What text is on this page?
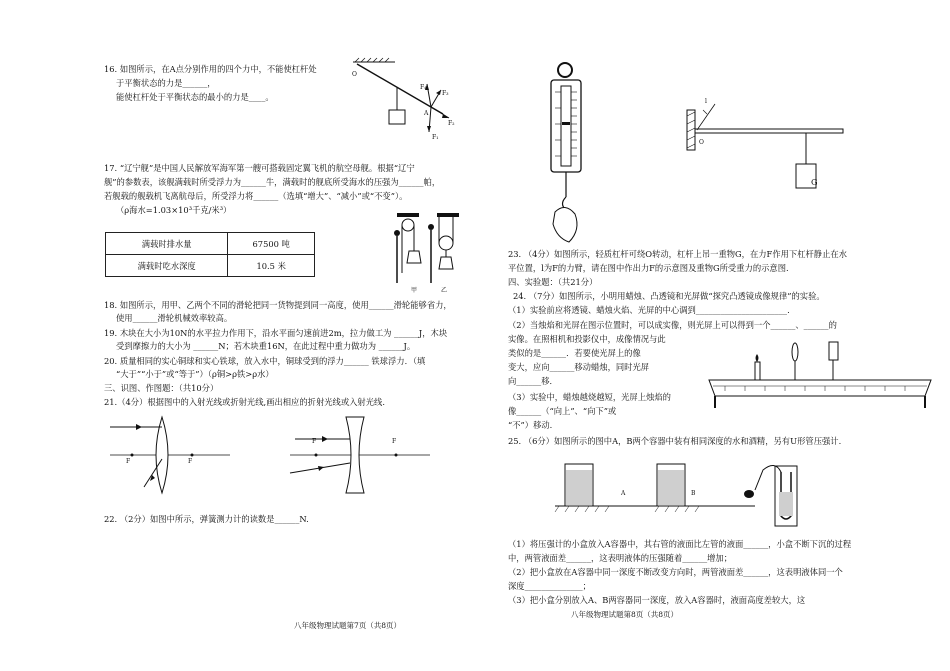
16. 如图所示，在A点分别作用的四个力中，不能使杠杆处
于平衡状态的力是______，
能使杠杆处于平衡状态的最小的力是____。
O
F₄
F₃
A
F₂
F₁
17. “辽宁舰”是中国人民解放军海军第一艘可搭载固定翼飞机的航空母舰。根据“辽宁
舰”的参数表，该舰满载时所受浮力为______牛，满载时的舰底所受海水的压强为______帕，
若舰载的舰载机飞离航母后，所受浮力将______（选填“增大”、“减小”或“不变”）。
（ρ海水=1.03×10³千克/米³）
满载时排水量	67500 吨
满载时吃水深度	10.5 米
甲	乙
18. 如图所示，用甲、乙两个不同的滑轮把同一货物提到同一高度，使用______滑轮能够省力，
使用______滑轮机械效率较高。
19. 木块在大小为10N的水平拉力作用下，沿水平面匀速前进2m，拉力做工为 ______J，木块
受到摩擦力的大小为 ______N；若木块重16N，在此过程中重力做功为 ______J。
20. 质量相同的实心铜球和实心铁球，放入水中，铜球受到的浮力______ 铁球浮力．（填
“大于”“小于”或“等于”）（ρ铜>ρ铁>ρ水）
三、识图、作图题：（共10分）
21.（4分）根据图中的入射光线或折射光线,画出相应的折射光线或入射光线.
F	F
F	F
22. （2分）如图中所示，弹簧测力计的读数是______N.
八年级物理试题第7页（共8页）
l
O
G
23. （4分）如图所示，轻质杠杆可绕O转动，杠杆上吊一重物G，在力F作用下杠杆静止在水
平位置，l为F的力臂，请在图中作出力F的示意图及重物G所受重力的示意图.
四、实验题：（共21分）
24. （7分）如图所示，小明用蜡烛、凸透镜和光屏做“探究凸透镜成像规律”的实验。
（1）实验前应将透镜、蜡烛火焰、光屏的中心调到______________________.
（2）当烛焰和光屏在图示位置时，可以成实像，则光屏上可以得到一个______、______的
实像。在照相机和投影仪中，成像情况与此
类似的是______．若要使光屏上的像
变大，应向______移动蜡烛，同时光屏
向______移．
（3）实验中，蜡烛越烧越短，光屏上烛焰的
像______（“向上”、“向下”或
“不”）移动.
25. （6分）如图所示的图中A，B两个容器中装有相同深度的水和酒精，另有U形管压强计.
A	B
（1）将压强计的小盒放入A容器中，其右管的液面比左管的液面______，小盒不断下沉的过程
中，两管液面差______，这表明液体的压强随着______增加；
（2）把小盒放在A容器中同一深度不断改变方向时，两管液面差______，这表明液体同一个
深度______________；
（3）把小盒分别放入A、B两容器同一深度，放入A容器时，液面高度差较大，这
八年级物理试题第8页（共8页）
